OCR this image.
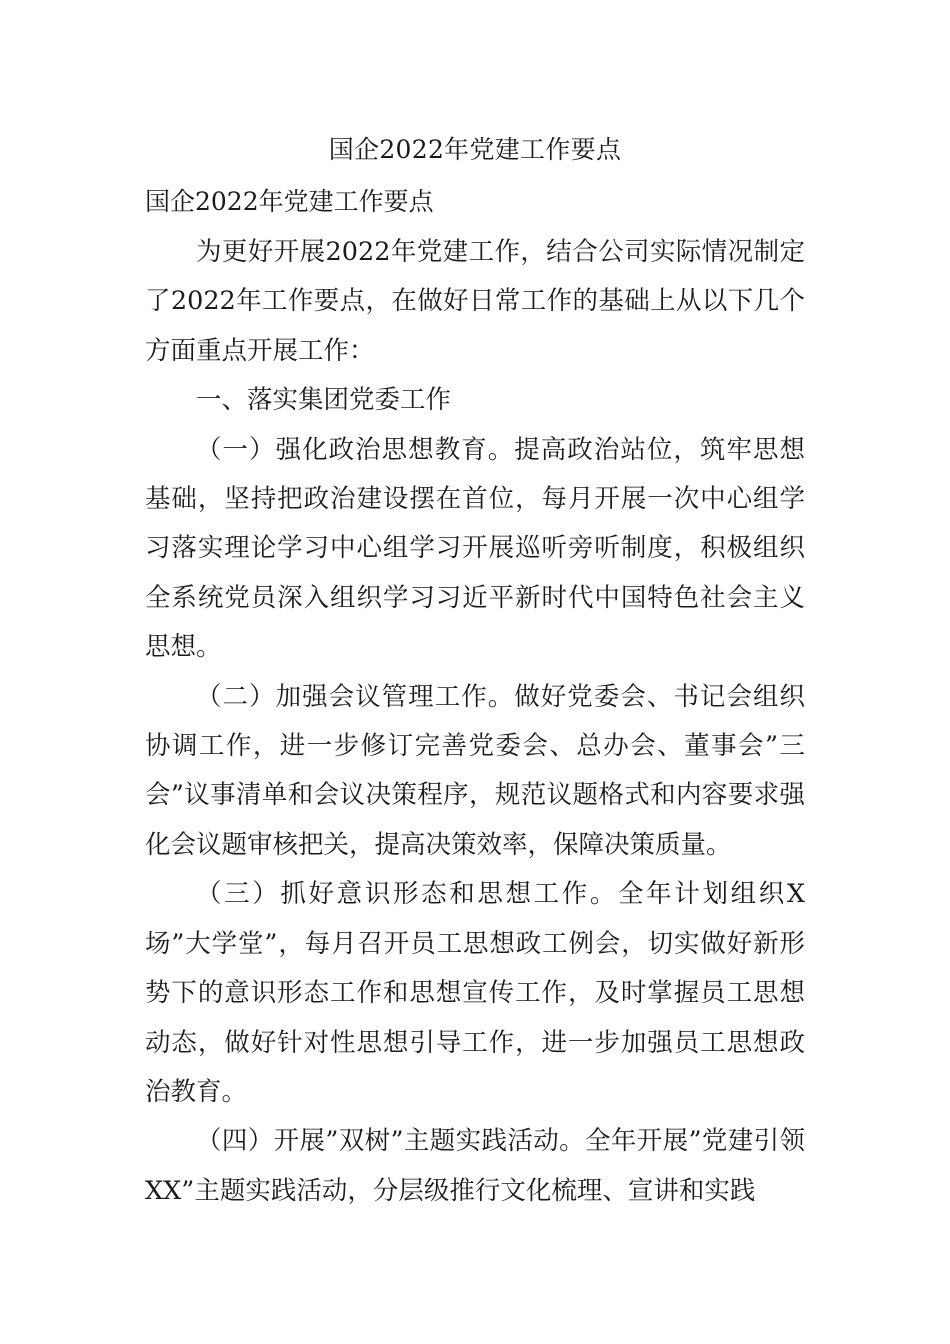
国企2022年党建工作要点
国企2022年党建工作要点

为更好开展2022年党建工作，结合公司实际情况制定了2022年工作要点，在做好日常工作的基础上从以下几个方面重点开展工作：

一、落实集团党委工作

（一）强化政治思想教育。提高政治站位，筑牢思想基础，坚持把政治建设摆在首位，每月开展一次中心组学习落实理论学习中心组学习开展巡听旁听制度，积极组织全系统党员深入组织学习习近平新时代中国特色社会主义思想。

（二）加强会议管理工作。做好党委会、书记会组织协调工作，进一步修订完善党委会、总办会、董事会”三会”议事清单和会议决策程序，规范议题格式和内容要求强化会议题审核把关，提高决策效率，保障决策质量。

（三）抓好意识形态和思想工作。全年计划组织X场”大学堂”，每月召开员工思想政工例会，切实做好新形势下的意识形态工作和思想宣传工作，及时掌握员工思想动态，做好针对性思想引导工作，进一步加强员工思想政治教育。

（四）开展”双树”主题实践活动。全年开展”党建引领XX”主题实践活动，分层级推行文化梳理、宣讲和实践
